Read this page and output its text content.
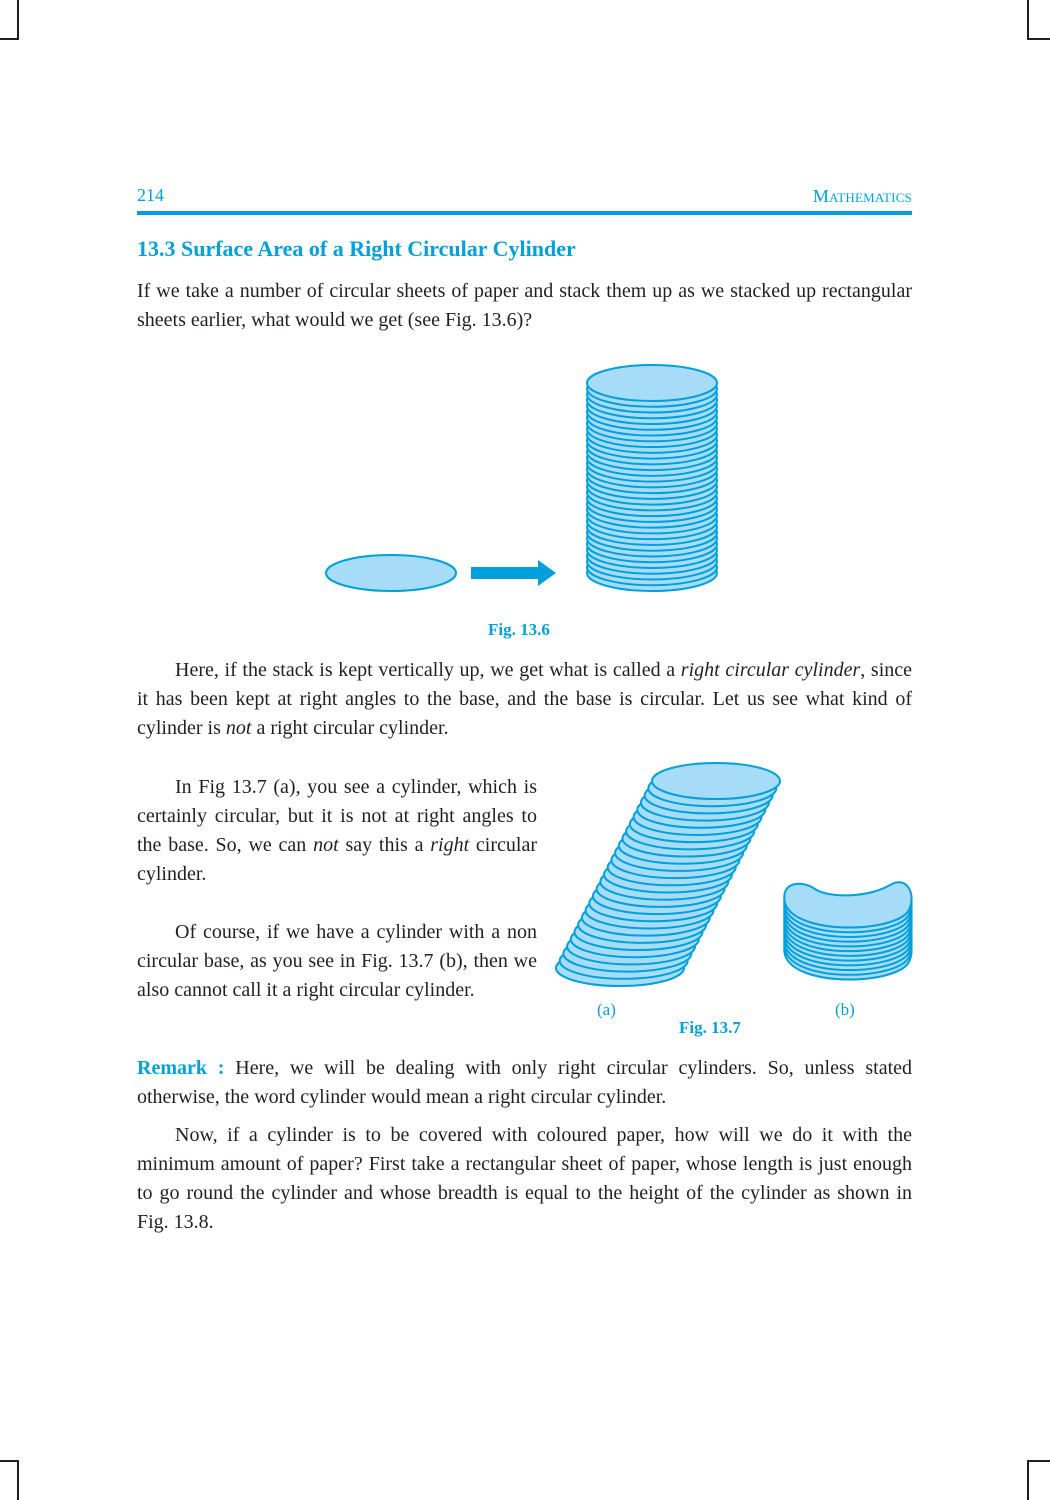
214	Mathematics
13.3 Surface Area of a Right Circular Cylinder

If we take a number of circular sheets of paper and stack them up as we stacked up rectangular sheets earlier, what would we get (see Fig. 13.6)?

Fig. 13.6

Here, if the stack is kept vertically up, we get what is called a right circular cylinder, since it has been kept at right angles to the base, and the base is circular. Let us see what kind of cylinder is not a right circular cylinder.

In Fig 13.7 (a), you see a cylinder, which is certainly circular, but it is not at right angles to the base. So, we can not say this a right circular cylinder.

Of course, if we have a cylinder with a non circular base, as you see in Fig. 13.7 (b), then we also cannot call it a right circular cylinder.

(a)	(b)
Fig. 13.7

Remark : Here, we will be dealing with only right circular cylinders. So, unless stated otherwise, the word cylinder would mean a right circular cylinder.

Now, if a cylinder is to be covered with coloured paper, how will we do it with the minimum amount of paper? First take a rectangular sheet of paper, whose length is just enough to go round the cylinder and whose breadth is equal to the height of the cylinder as shown in Fig. 13.8.
